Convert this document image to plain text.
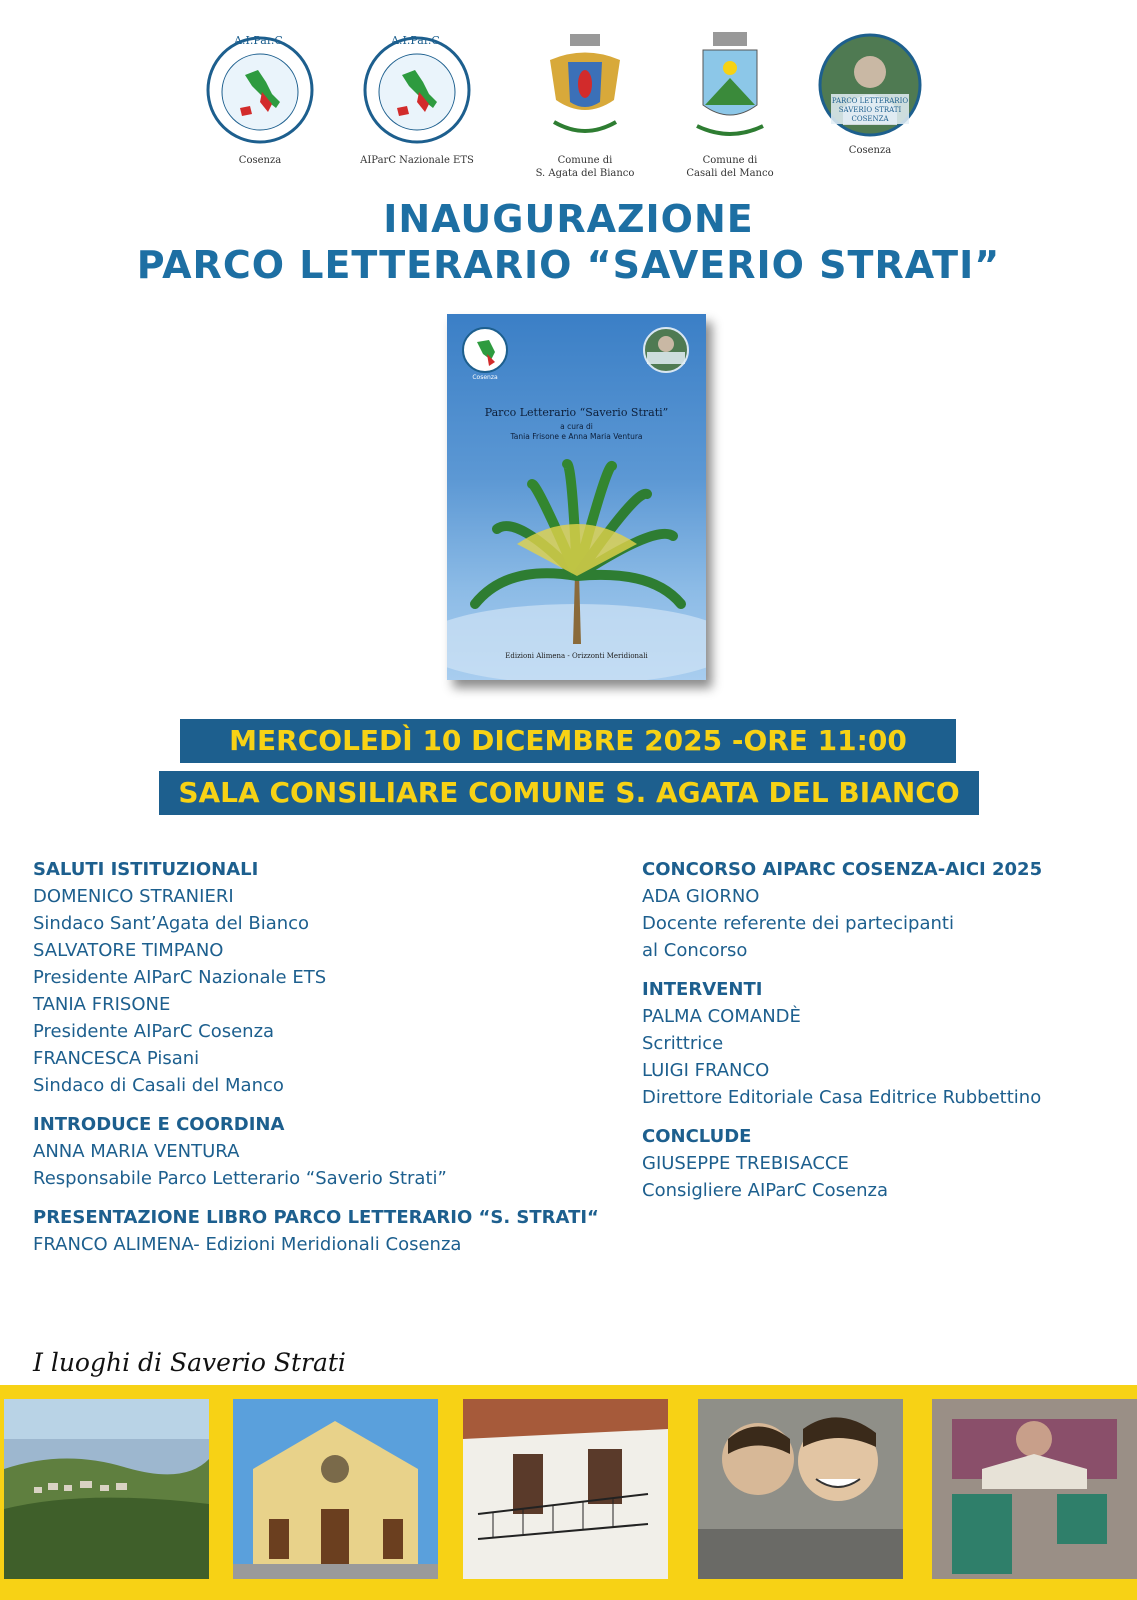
A.I.Par.C.
Cosenza
A.I.Par.C.
AIParC Nazionale ETS	Comune di
S. Agata del Bianco
Comune di
Casali del Manco
PARCO LETTERARIO
SAVERIO STRATI
COSENZA
Cosenza
INAUGURAZIONE
PARCO LETTERARIO “SAVERIO STRATI”
Cosenza
Parco Letterario “Saverio Strati”
a cura di
Tania Frisone e Anna Maria Ventura
Edizioni Alimena - Orizzonti Meridionali
MERCOLEDÌ 10 DICEMBRE 2025 -ORE 11:00
SALA CONSILIARE COMUNE S. AGATA DEL BIANCO
SALUTI ISTITUZIONALI
DOMENICO STRANIERI
Sindaco Sant’Agata del Bianco
SALVATORE TIMPANO
Presidente AIParC Nazionale ETS
TANIA FRISONE
Presidente AIParC Cosenza
FRANCESCA Pisani
Sindaco di Casali del Manco
INTRODUCE E COORDINA
ANNA MARIA VENTURA
Responsabile Parco Letterario “Saverio Strati”
PRESENTAZIONE LIBRO PARCO LETTERARIO “S. STRATI“
FRANCO ALIMENA- Edizioni Meridionali Cosenza
CONCORSO AIPARC COSENZA-AICI 2025
ADA GIORNO
Docente referente dei partecipanti
al Concorso
INTERVENTI
PALMA COMANDÈ
Scrittrice
LUIGI FRANCO
Direttore Editoriale Casa Editrice Rubbettino
CONCLUDE
GIUSEPPE TREBISACCE
Consigliere AIParC Cosenza
I luoghi di Saverio Strati
